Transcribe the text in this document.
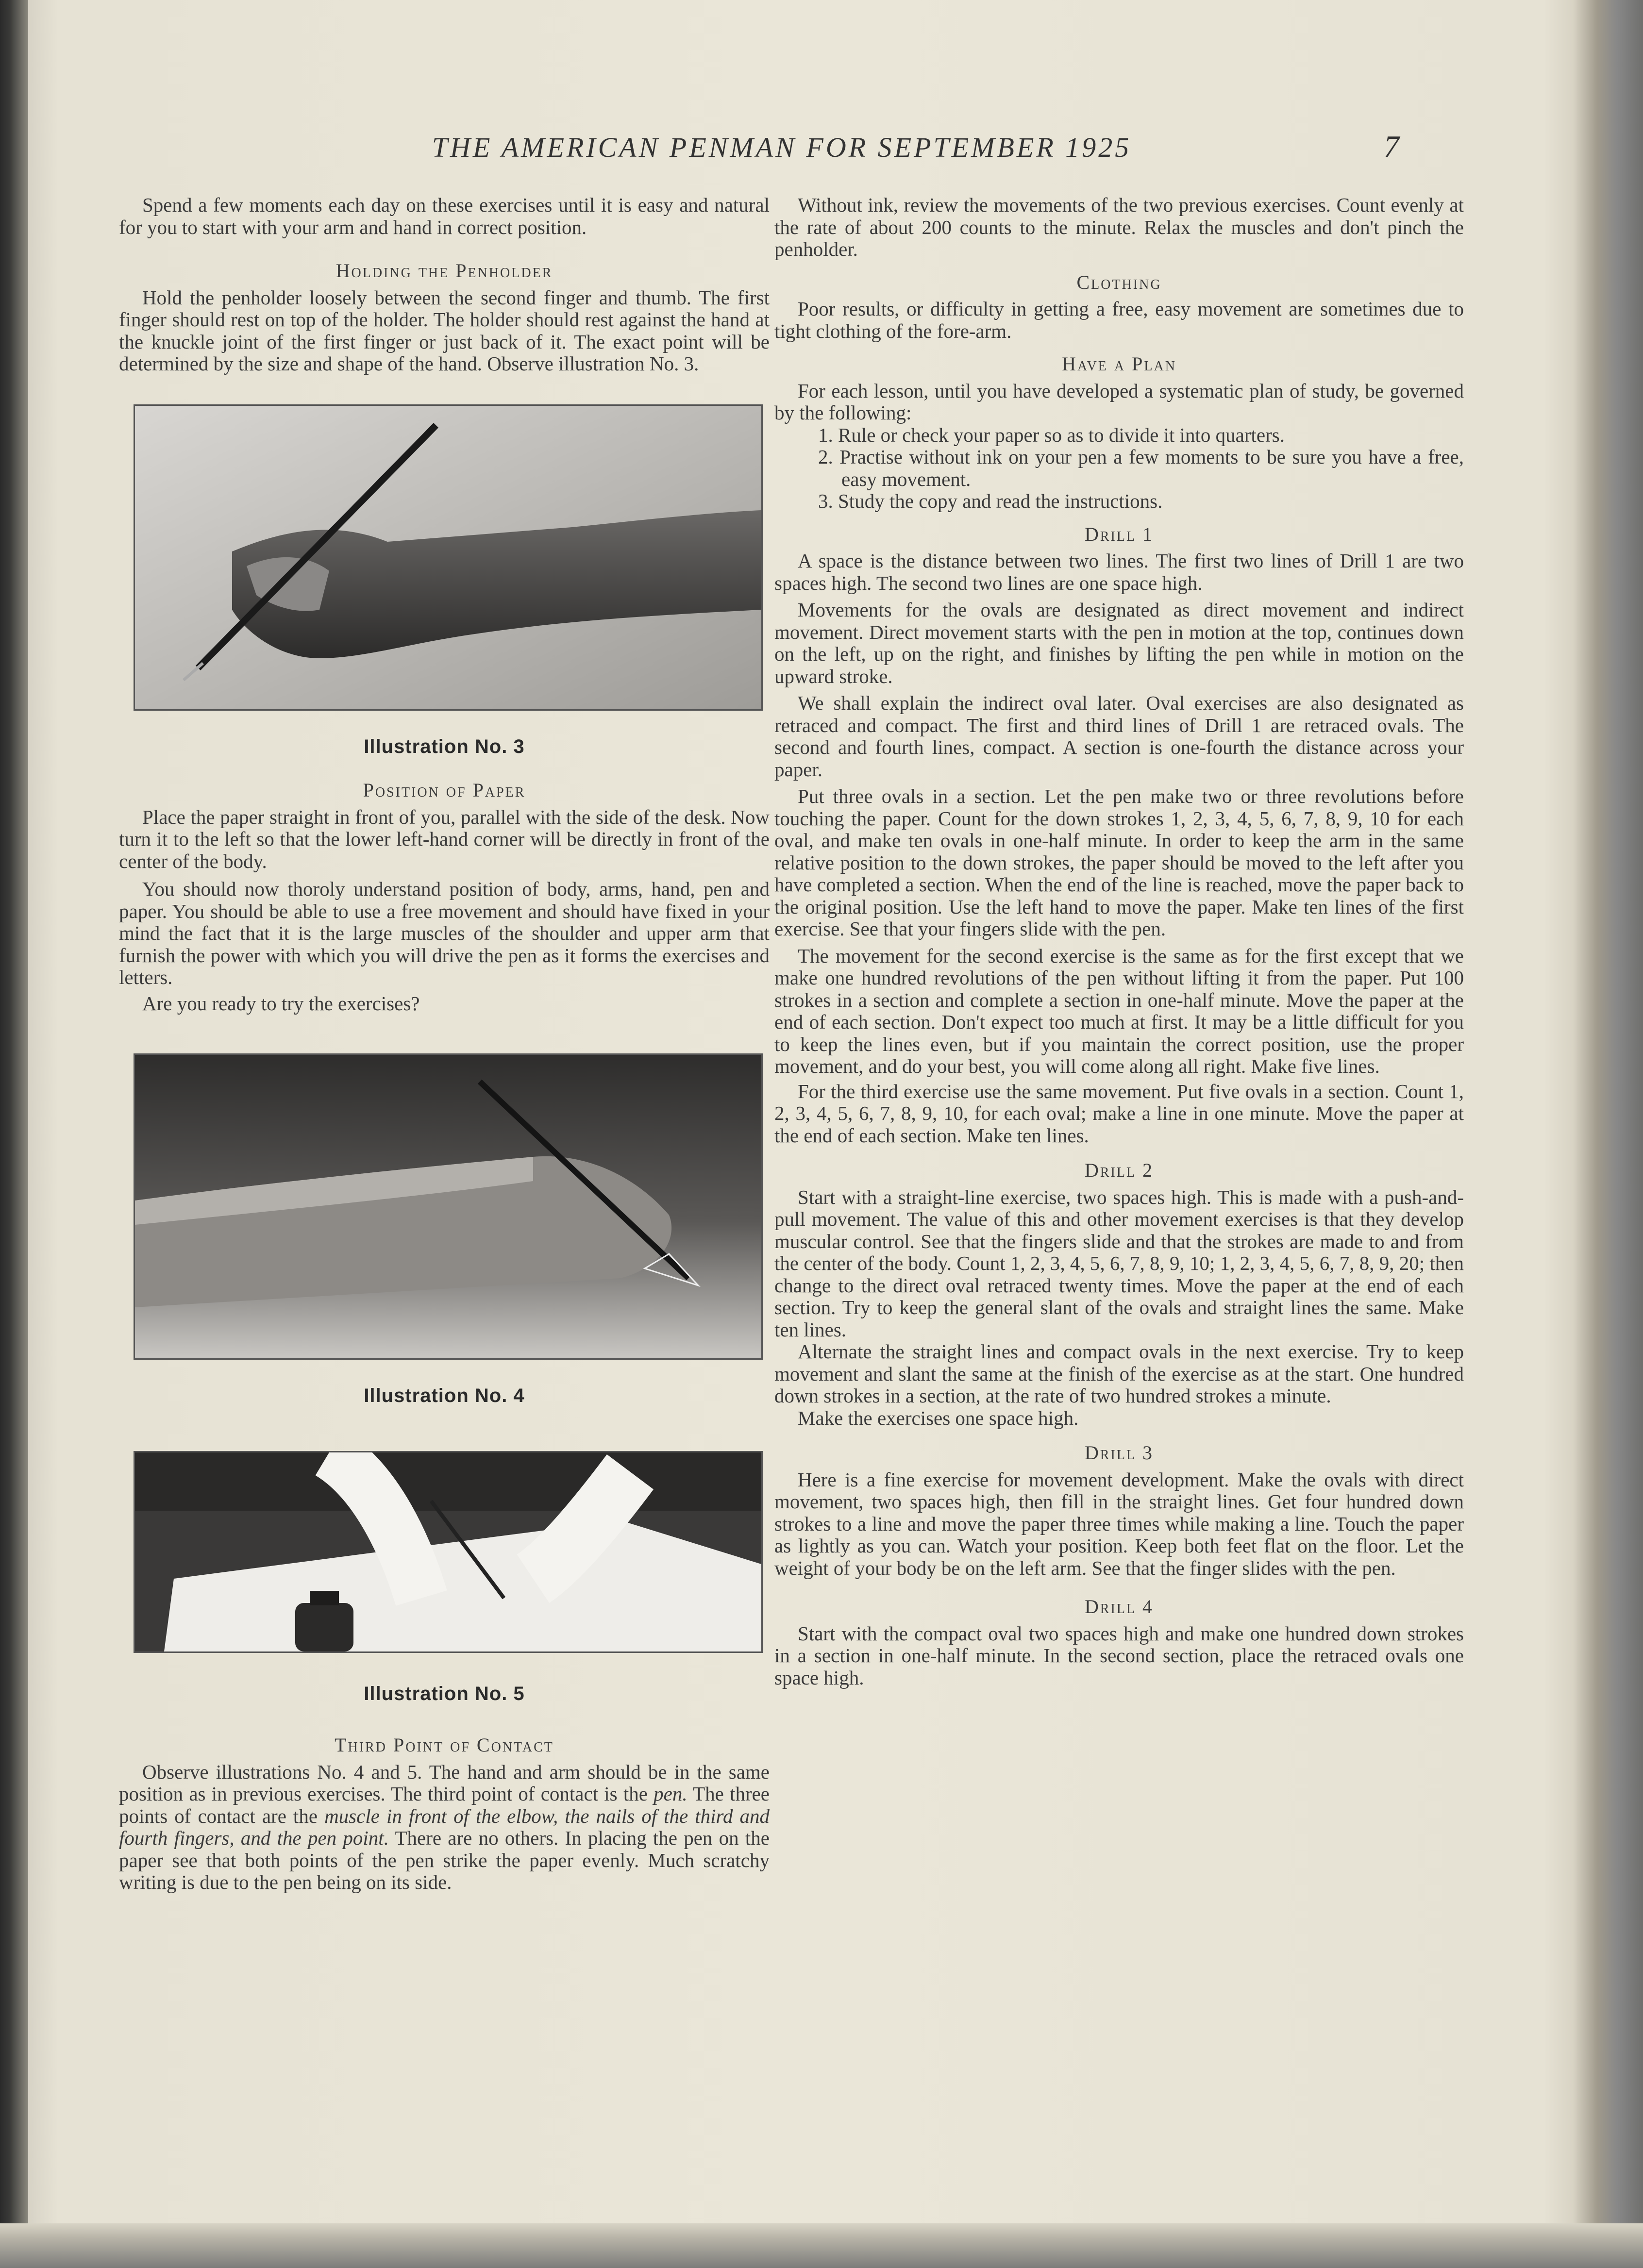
THE AMERICAN PENMAN FOR SEPTEMBER 1925	7

Spend a few moments each day on these exercises until it is easy and natural for you to start with your arm and hand in correct position.

Holding the Penholder

Hold the penholder loosely between the second finger and thumb. The first finger should rest on top of the holder. The holder should rest against the hand at the knuckle joint of the first finger or just back of it. The exact point will be determined by the size and shape of the hand. Observe illustration No. 3.

Illustration No. 3
Position of Paper

Place the paper straight in front of you, parallel with the side of the desk. Now turn it to the left so that the lower left-hand corner will be directly in front of the center of the body.

You should now thoroly understand position of body, arms, hand, pen and paper. You should be able to use a free movement and should have fixed in your mind the fact that it is the large muscles of the shoulder and upper arm that furnish the power with which you will drive the pen as it forms the exercises and letters.

Are you ready to try the exercises?

Illustration No. 4
Illustration No. 5
Third Point of Contact

Observe illustrations No. 4 and 5. The hand and arm should be in the same position as in previous exercises. The third point of contact is the pen. The three points of contact are the muscle in front of the elbow, the nails of the third and fourth fingers, and the pen point. There are no others. In placing the pen on the paper see that both points of the pen strike the paper evenly. Much scratchy writing is due to the pen being on its side.

Without ink, review the movements of the two previous exercises. Count evenly at the rate of about 200 counts to the minute. Relax the muscles and don't pinch the penholder.

Clothing

Poor results, or difficulty in getting a free, easy movement are sometimes due to tight clothing of the fore-arm.

Have a Plan

For each lesson, until you have developed a systematic plan of study, be governed by the following:

1. Rule or check your paper so as to divide it into quarters.
2. Practise without ink on your pen a few moments to be sure you have a free, easy movement.
3. Study the copy and read the instructions.
Drill 1

A space is the distance between two lines. The first two lines of Drill 1 are two spaces high. The second two lines are one space high.

Movements for the ovals are designated as direct movement and indirect movement. Direct movement starts with the pen in motion at the top, continues down on the left, up on the right, and finishes by lifting the pen while in motion on the upward stroke.

We shall explain the indirect oval later. Oval exercises are also designated as retraced and compact. The first and third lines of Drill 1 are retraced ovals. The second and fourth lines, compact. A section is one-fourth the distance across your paper.

Put three ovals in a section. Let the pen make two or three revolutions before touching the paper. Count for the down strokes 1, 2, 3, 4, 5, 6, 7, 8, 9, 10 for each oval, and make ten ovals in one-half minute. In order to keep the arm in the same relative position to the down strokes, the paper should be moved to the left after you have completed a section. When the end of the line is reached, move the paper back to the original position. Use the left hand to move the paper. Make ten lines of the first exercise. See that your fingers slide with the pen.

The movement for the second exercise is the same as for the first except that we make one hundred revolutions of the pen without lifting it from the paper. Put 100 strokes in a section and complete a section in one-half minute. Move the paper at the end of each section. Don't expect too much at first. It may be a little difficult for you to keep the lines even, but if you maintain the correct position, use the proper movement, and do your best, you will come along all right. Make five lines.

For the third exercise use the same movement. Put five ovals in a section. Count 1, 2, 3, 4, 5, 6, 7, 8, 9, 10, for each oval; make a line in one minute. Move the paper at the end of each section. Make ten lines.

Drill 2

Start with a straight-line exercise, two spaces high. This is made with a push-and-pull movement. The value of this and other movement exercises is that they develop muscular control. See that the fingers slide and that the strokes are made to and from the center of the body. Count 1, 2, 3, 4, 5, 6, 7, 8, 9, 10; 1, 2, 3, 4, 5, 6, 7, 8, 9, 20; then change to the direct oval retraced twenty times. Move the paper at the end of each section. Try to keep the general slant of the ovals and straight lines the same. Make ten lines.

Alternate the straight lines and compact ovals in the next exercise. Try to keep movement and slant the same at the finish of the exercise as at the start. One hundred down strokes in a section, at the rate of two hundred strokes a minute.

Make the exercises one space high.

Drill 3

Here is a fine exercise for movement development. Make the ovals with direct movement, two spaces high, then fill in the straight lines. Get four hundred down strokes to a line and move the paper three times while making a line. Touch the paper as lightly as you can. Watch your position. Keep both feet flat on the floor. Let the weight of your body be on the left arm. See that the finger slides with the pen.

Drill 4

Start with the compact oval two spaces high and make one hundred down strokes in a section in one-half minute. In the second section, place the retraced ovals one space high.
